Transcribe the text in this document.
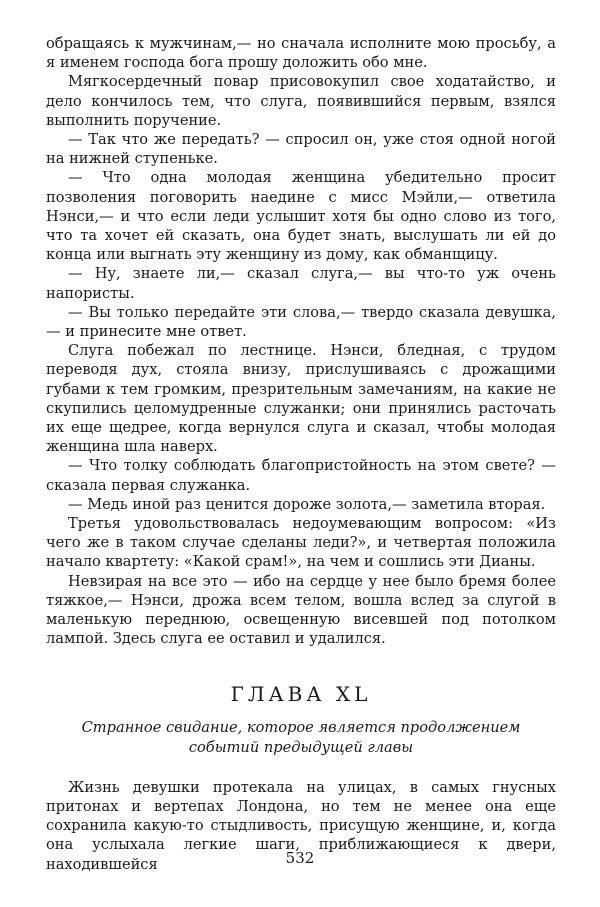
обращаясь к мужчинам,— но сначала исполните мою просьбу, а я именем господа бога прошу доложить обо мне.

Мягкосердечный повар присовокупил свое ходатайство, и дело кончилось тем, что слуга, появившийся первым, взялся выполнить поручение.

— Так что же передать? — спросил он, уже стоя одной ногой на нижней ступеньке.

— Что одна молодая женщина убедительно просит позволения поговорить наедине с мисс Мэйли,— ответила Нэнси,— и что если леди услышит хотя бы одно слово из того, что та хочет ей сказать, она будет знать, выслушать ли ей до конца или выгнать эту женщину из дому, как обманщицу.

— Ну, знаете ли,— сказал слуга,— вы что-то уж очень напористы.

— Вы только передайте эти слова,— твердо сказала девушка,— и принесите мне ответ.

Слуга побежал по лестнице. Нэнси, бледная, с трудом переводя дух, стояла внизу, прислушиваясь с дрожащими губами к тем громким, презрительным замечаниям, на какие не скупились целомудренные служанки; они принялись расточать их еще щедрее, когда вернулся слуга и сказал, чтобы молодая женщина шла наверх.

— Что толку соблюдать благопристойность на этом свете? — сказала первая служанка.

— Медь иной раз ценится дороже золота,— заметила вторая.

Третья удовольствовалась недоумевающим вопросом: «Из чего же в таком случае сделаны леди?», и четвертая положила начало квартету: «Какой срам!», на чем и сошлись эти Дианы.

Невзирая на все это — ибо на сердце у нее было бремя более тяжкое,— Нэнси, дрожа всем телом, вошла вслед за слугой в маленькую переднюю, освещенную висевшей под потолком лампой. Здесь слуга ее оставил и удалился.

ГЛАВА XL

Странное свидание, которое является продолжением

событий предыдущей главы

Жизнь девушки протекала на улицах, в самых гнусных притонах и вертепах Лондона, но тем не менее она еще сохранила какую-то стыдливость, присущую женщине, и, когда она услыхала легкие шаги, приближающиеся к двери, находившейся	532
